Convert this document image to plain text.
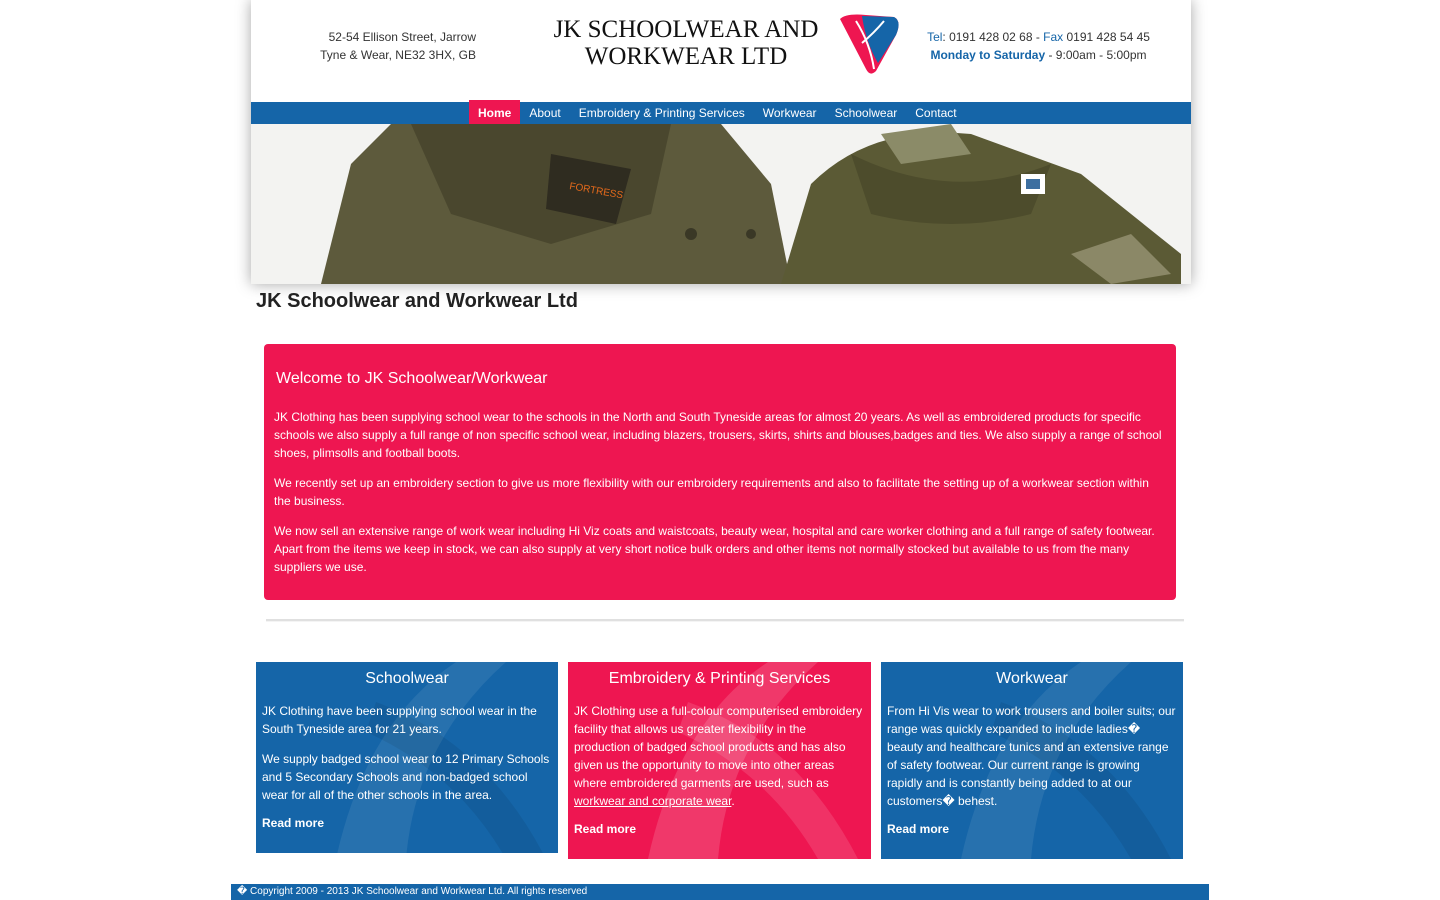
52-54 Ellison Street, Jarrow
Tyne & Wear, NE32 3HX, GB
JK SCHOOLWEAR AND
WORKWEAR LTD
Tel: 0191 428 02 68 - Fax 0191 428 54 45
Monday to Saturday - 9:00am - 5:00pm
Home	About	Embroidery & Printing Services	Workwear	Schoolwear	Contact
FORTRESS
JK Schoolwear and Workwear Ltd
Welcome to JK Schoolwear/Workwear

JK Clothing has been supplying school wear to the schools in the North and South Tyneside areas for almost 20 years. As well as embroidered products for specific schools we also supply a full range of non specific school wear, including blazers, trousers, skirts, shirts and blouses,badges and ties. We also supply a range of school shoes, plimsolls and football boots.

We recently set up an embroidery section to give us more flexibility with our embroidery requirements and also to facilitate the setting up of a workwear section within the business.

We now sell an extensive range of work wear including Hi Viz coats and waistcoats, beauty wear, hospital and care worker clothing and a full range of safety footwear. Apart from the items we keep in stock, we can also supply at very short notice bulk orders and other items not normally stocked but available to us from the many suppliers we use.

Schoolwear

JK Clothing have been supplying school wear in the South Tyneside area for 21 years.

We supply badged school wear to 12 Primary Schools and 5 Secondary Schools and non-badged school wear for all of the other schools in the area.

Read more
Embroidery & Printing Services

JK Clothing use a full-colour computerised embroidery facility that allows us greater flexibility in the production of badged school products and has also given us the opportunity to move into other areas where embroidered garments are used, such as workwear and corporate wear.

Read more
Workwear

From Hi Vis wear to work trousers and boiler suits; our range was quickly expanded to include ladies� beauty and healthcare tunics and an extensive range of safety footwear. Our current range is growing rapidly and is constantly being added to at our customers� behest.

Read more
� Copyright 2009 - 2013 JK Schoolwear and Workwear Ltd. All rights reserved
